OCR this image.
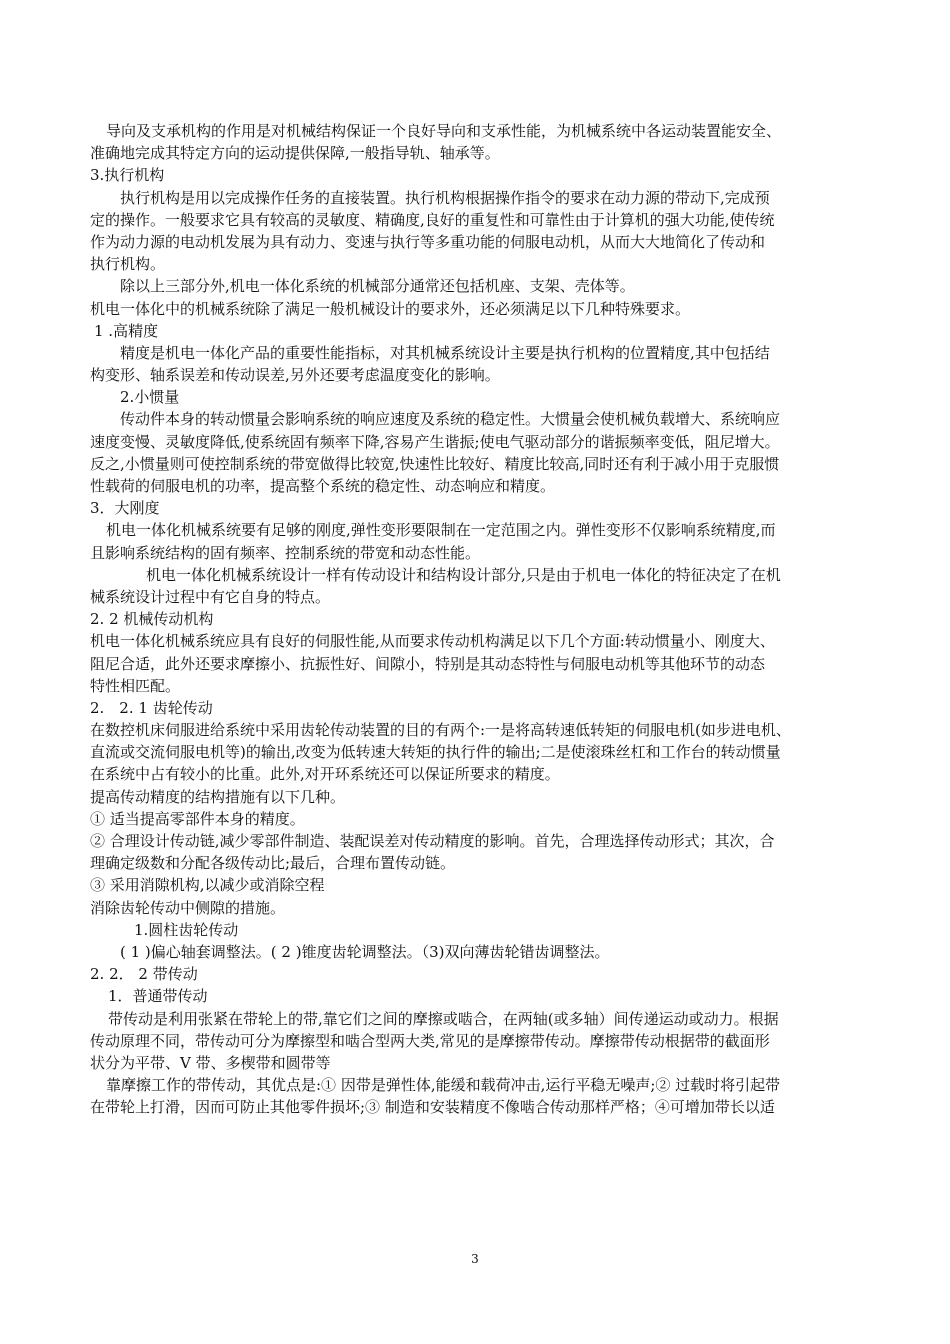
导向及支承机构的作用是对机械结构保证一个良好导向和支承性能，为机械系统中各运动装置能安全、
准确地完成其特定方向的运动提供保障,一般指导轨、轴承等。
3.执行机构
执行机构是用以完成操作任务的直接装置。执行机构根据操作指令的要求在动力源的带动下,完成预
定的操作。一般要求它具有较高的灵敏度、精确度,良好的重复性和可靠性由于计算机的强大功能,使传统
作为动力源的电动机发展为具有动力、变速与执行等多重功能的伺服电动机，从而大大地简化了传动和
执行机构。
除以上三部分外,机电一体化系统的机械部分通常还包括机座、支架、壳体等。
机电一体化中的机械系统除了满足一般机械设计的要求外，还必须满足以下几种特殊要求。
1 .高精度
精度是机电一体化产品的重要性能指标，对其机械系统设计主要是执行机构的位置精度,其中包括结
构变形、轴系误差和传动误差,另外还要考虑温度变化的影响。
2.小惯量
传动件本身的转动惯量会影响系统的响应速度及系统的稳定性。大惯量会使机械负载增大、系统响应
速度变慢、灵敏度降低,使系统固有频率下降,容易产生谐振;使电气驱动部分的谐振频率变低，阻尼增大。
反之,小惯量则可使控制系统的带宽做得比较宽,快速性比较好、精度比较高,同时还有利于减小用于克服惯
性载荷的伺服电机的功率，提高整个系统的稳定性、动态响应和精度。
3．大刚度
机电一体化机械系统要有足够的刚度,弹性变形要限制在一定范围之内。弹性变形不仅影响系统精度,而
且影响系统结构的固有频率、控制系统的带宽和动态性能。
机电一体化机械系统设计一样有传动设计和结构设计部分,只是由于机电一体化的特征决定了在机
械系统设计过程中有它自身的特点。
2. 2 机械传动机构
机电一体化机械系统应具有良好的伺服性能,从而要求传动机构满足以下几个方面:转动惯量小、刚度大、
阻尼合适，此外还要求摩擦小、抗振性好、间隙小，特别是其动态特性与伺服电动机等其他环节的动态
特性相匹配。
2.　2. 1 齿轮传动
在数控机床伺服进给系统中采用齿轮传动装置的目的有两个:一是将高转速低转矩的伺服电机(如步进电机、
直流或交流伺服电机等)的输出,改变为低转速大转矩的执行件的输出;二是使滚珠丝杠和工作台的转动惯量
在系统中占有较小的比重。此外,对开环系统还可以保证所要求的精度。
提高传动精度的结构措施有以下几种。
① 适当提高零部件本身的精度。
② 合理设计传动链,减少零部件制造、装配误差对传动精度的影响。首先，合理选择传动形式；其次，合
理确定级数和分配各级传动比;最后，合理布置传动链。
③ 采用消隙机构,以减少或消除空程
消除齿轮传动中侧隙的措施。
1.圆柱齿轮传动
( 1 )偏心轴套调整法。( 2 )锥度齿轮调整法。（3)双向薄齿轮错齿调整法。
2. 2． 2 带传动
1．普通带传动
带传动是利用张紧在带轮上的带,靠它们之间的摩擦或啮合，在两轴(或多轴）间传递运动或动力。根据
传动原理不同，带传动可分为摩擦型和啮合型两大类,常见的是摩擦带传动。摩擦带传动根据带的截面形
状分为平带、V 带、多楔带和圆带等
靠摩擦工作的带传动，其优点是:① 因带是弹性体,能缓和载荷冲击,运行平稳无噪声;② 过载时将引起带
在带轮上打滑，因而可防止其他零件损坏;③ 制造和安装精度不像啮合传动那样严格；④可增加带长以适
3
